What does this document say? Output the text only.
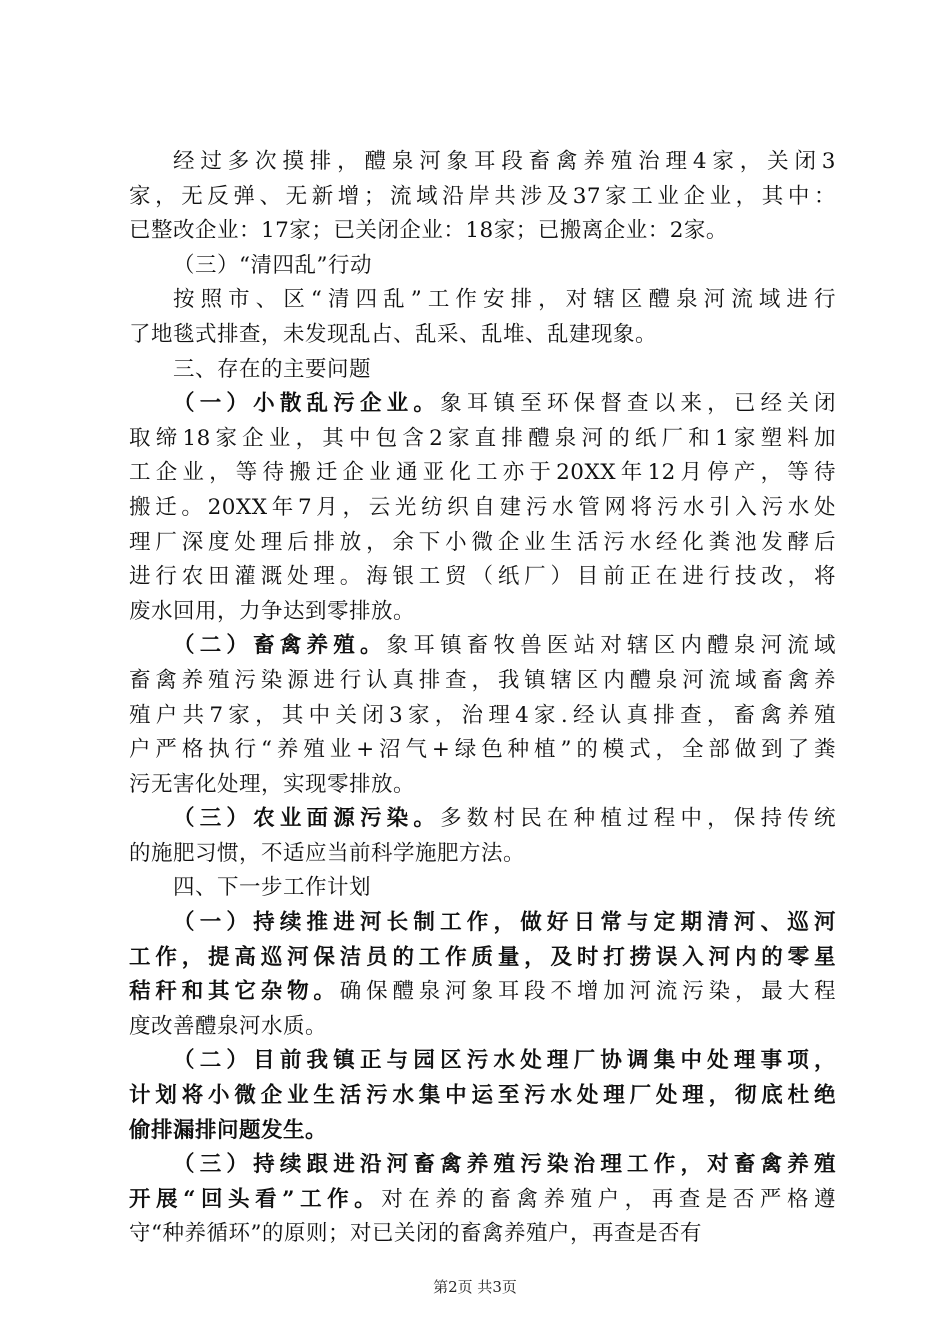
经过多次摸排，醴泉河象耳段畜禽养殖治理4家，关闭3
家，无反弹、无新增；流域沿岸共涉及37家工业企业，其中：
已整改企业：17家；已关闭企业：18家；已搬离企业：2家。
（三）“清四乱”行动
按照市、区“清四乱”工作安排，对辖区醴泉河流域进行
了地毯式排查，未发现乱占、乱采、乱堆、乱建现象。
三、存在的主要问题
（一）小散乱污企业。象耳镇至环保督查以来，已经关闭
取缔18家企业，其中包含2家直排醴泉河的纸厂和1家塑料加
工企业，等待搬迁企业通亚化工亦于20XX年12月停产，等待
搬迁。20XX年7月，云光纺织自建污水管网将污水引入污水处
理厂深度处理后排放，余下小微企业生活污水经化粪池发酵后
进行农田灌溉处理。海银工贸（纸厂）目前正在进行技改，将
废水回用，力争达到零排放。
（二）畜禽养殖。象耳镇畜牧兽医站对辖区内醴泉河流域
畜禽养殖污染源进行认真排查，我镇辖区内醴泉河流域畜禽养
殖户共7家，其中关闭3家，治理4家.经认真排查，畜禽养殖
户严格执行“养殖业+沼气+绿色种植”的模式，全部做到了粪
污无害化处理，实现零排放。
（三）农业面源污染。多数村民在种植过程中，保持传统
的施肥习惯，不适应当前科学施肥方法。
四、下一步工作计划
（一）持续推进河长制工作，做好日常与定期清河、巡河
工作，提高巡河保洁员的工作质量，及时打捞误入河内的零星
秸秆和其它杂物。确保醴泉河象耳段不增加河流污染，最大程
度改善醴泉河水质。
（二）目前我镇正与园区污水处理厂协调集中处理事项，
计划将小微企业生活污水集中运至污水处理厂处理，彻底杜绝
偷排漏排问题发生。
（三）持续跟进沿河畜禽养殖污染治理工作，对畜禽养殖
开展“回头看”工作。对在养的畜禽养殖户，再查是否严格遵
守“种养循环”的原则；对已关闭的畜禽养殖户，再查是否有
第2页 共3页
